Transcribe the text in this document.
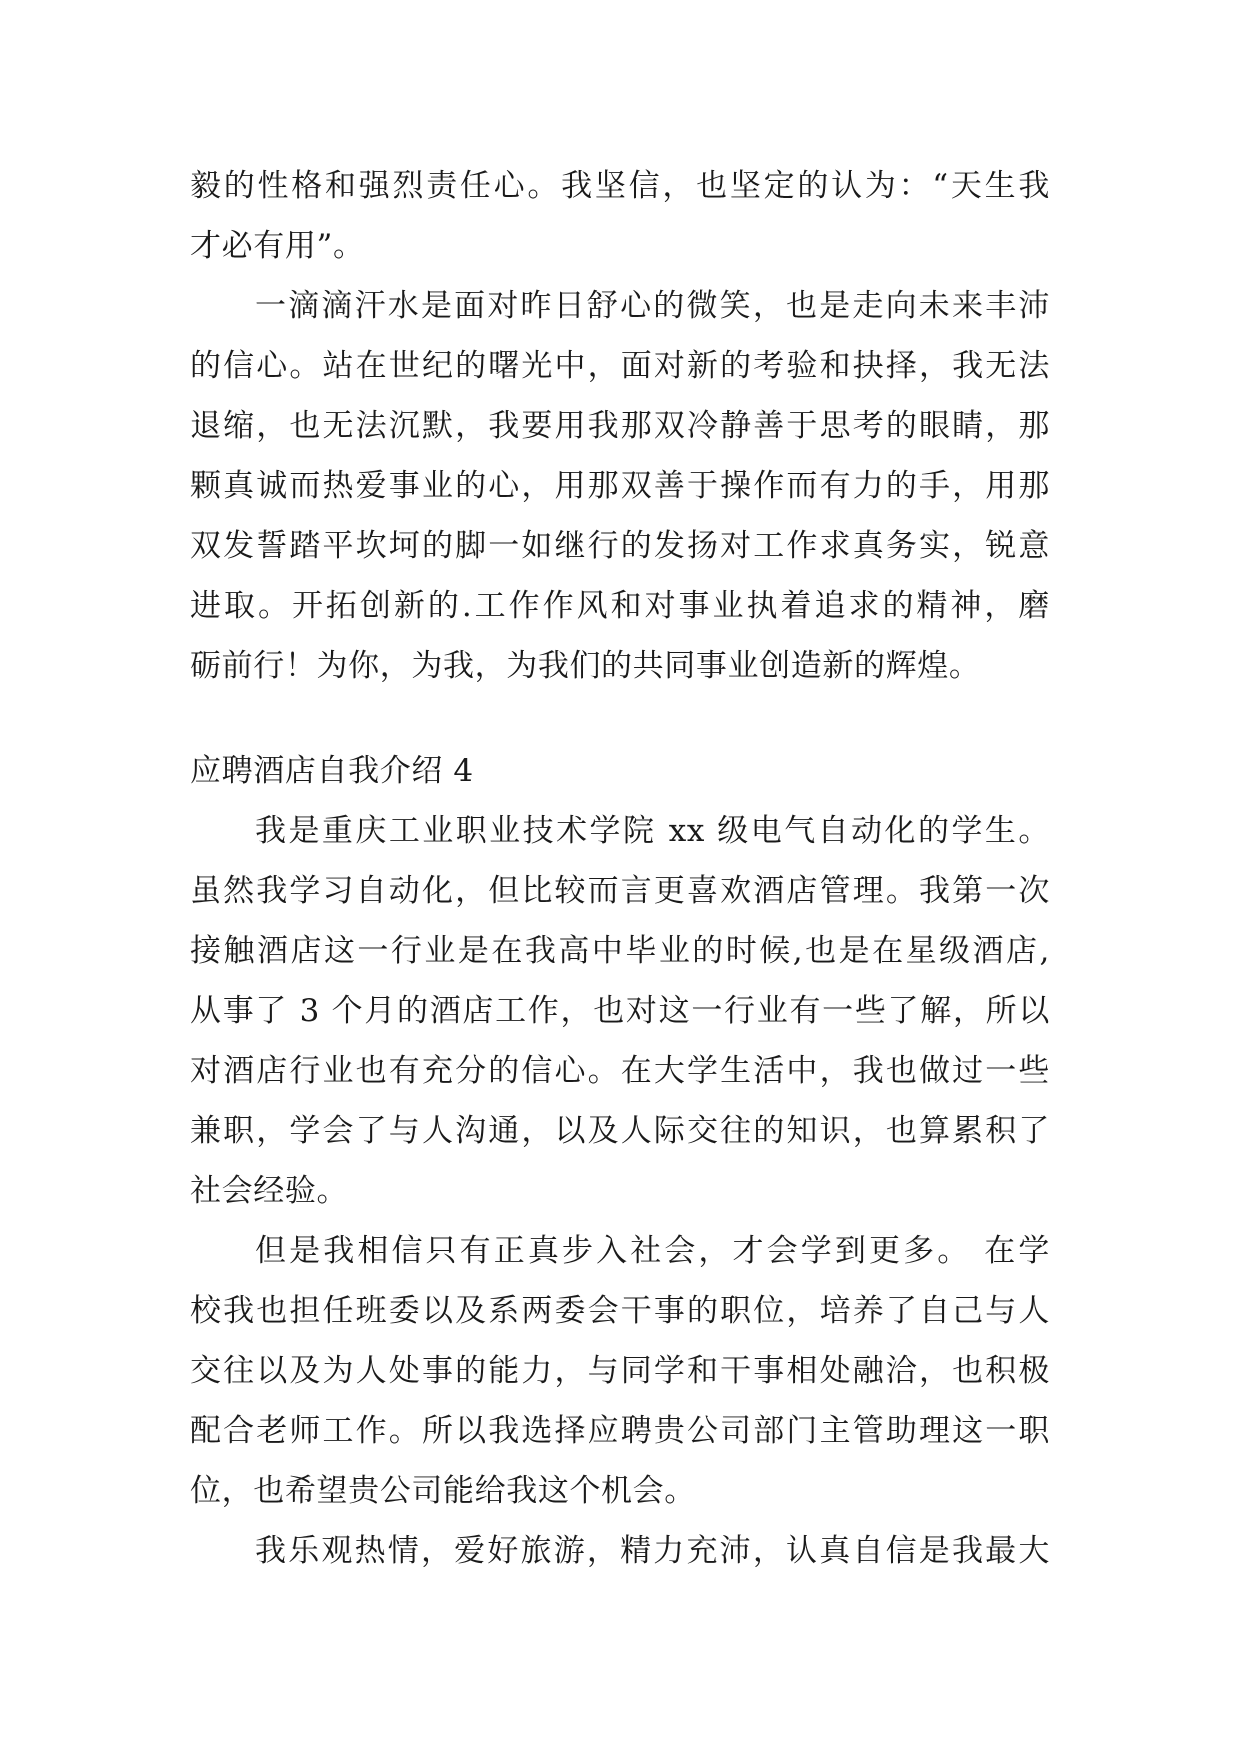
毅的性格和强烈责任心。我坚信，也坚定的认为：“天生我
才必有用”。
一滴滴汗水是面对昨日舒心的微笑，也是走向未来丰沛
的信心。站在世纪的曙光中，面对新的考验和抉择，我无法
退缩，也无法沉默，我要用我那双冷静善于思考的眼睛，那
颗真诚而热爱事业的心，用那双善于操作而有力的手，用那
双发誓踏平坎坷的脚一如继行的发扬对工作求真务实，锐意
进取。开拓创新的.工作作风和对事业执着追求的精神，磨
砺前行！为你，为我，为我们的共同事业创造新的辉煌。
应聘酒店自我介绍 4
我是重庆工业职业技术学院 xx 级电气自动化的学生。
虽然我学习自动化，但比较而言更喜欢酒店管理。我第一次
接触酒店这一行业是在我高中毕业的时候,也是在星级酒店,
从事了 3 个月的酒店工作，也对这一行业有一些了解，所以
对酒店行业也有充分的信心。在大学生活中，我也做过一些
兼职，学会了与人沟通，以及人际交往的知识，也算累积了
社会经验。
但是我相信只有正真步入社会，才会学到更多。 在学
校我也担任班委以及系两委会干事的职位，培养了自己与人
交往以及为人处事的能力，与同学和干事相处融洽，也积极
配合老师工作。所以我选择应聘贵公司部门主管助理这一职
位，也希望贵公司能给我这个机会。
我乐观热情，爱好旅游，精力充沛，认真自信是我最大
